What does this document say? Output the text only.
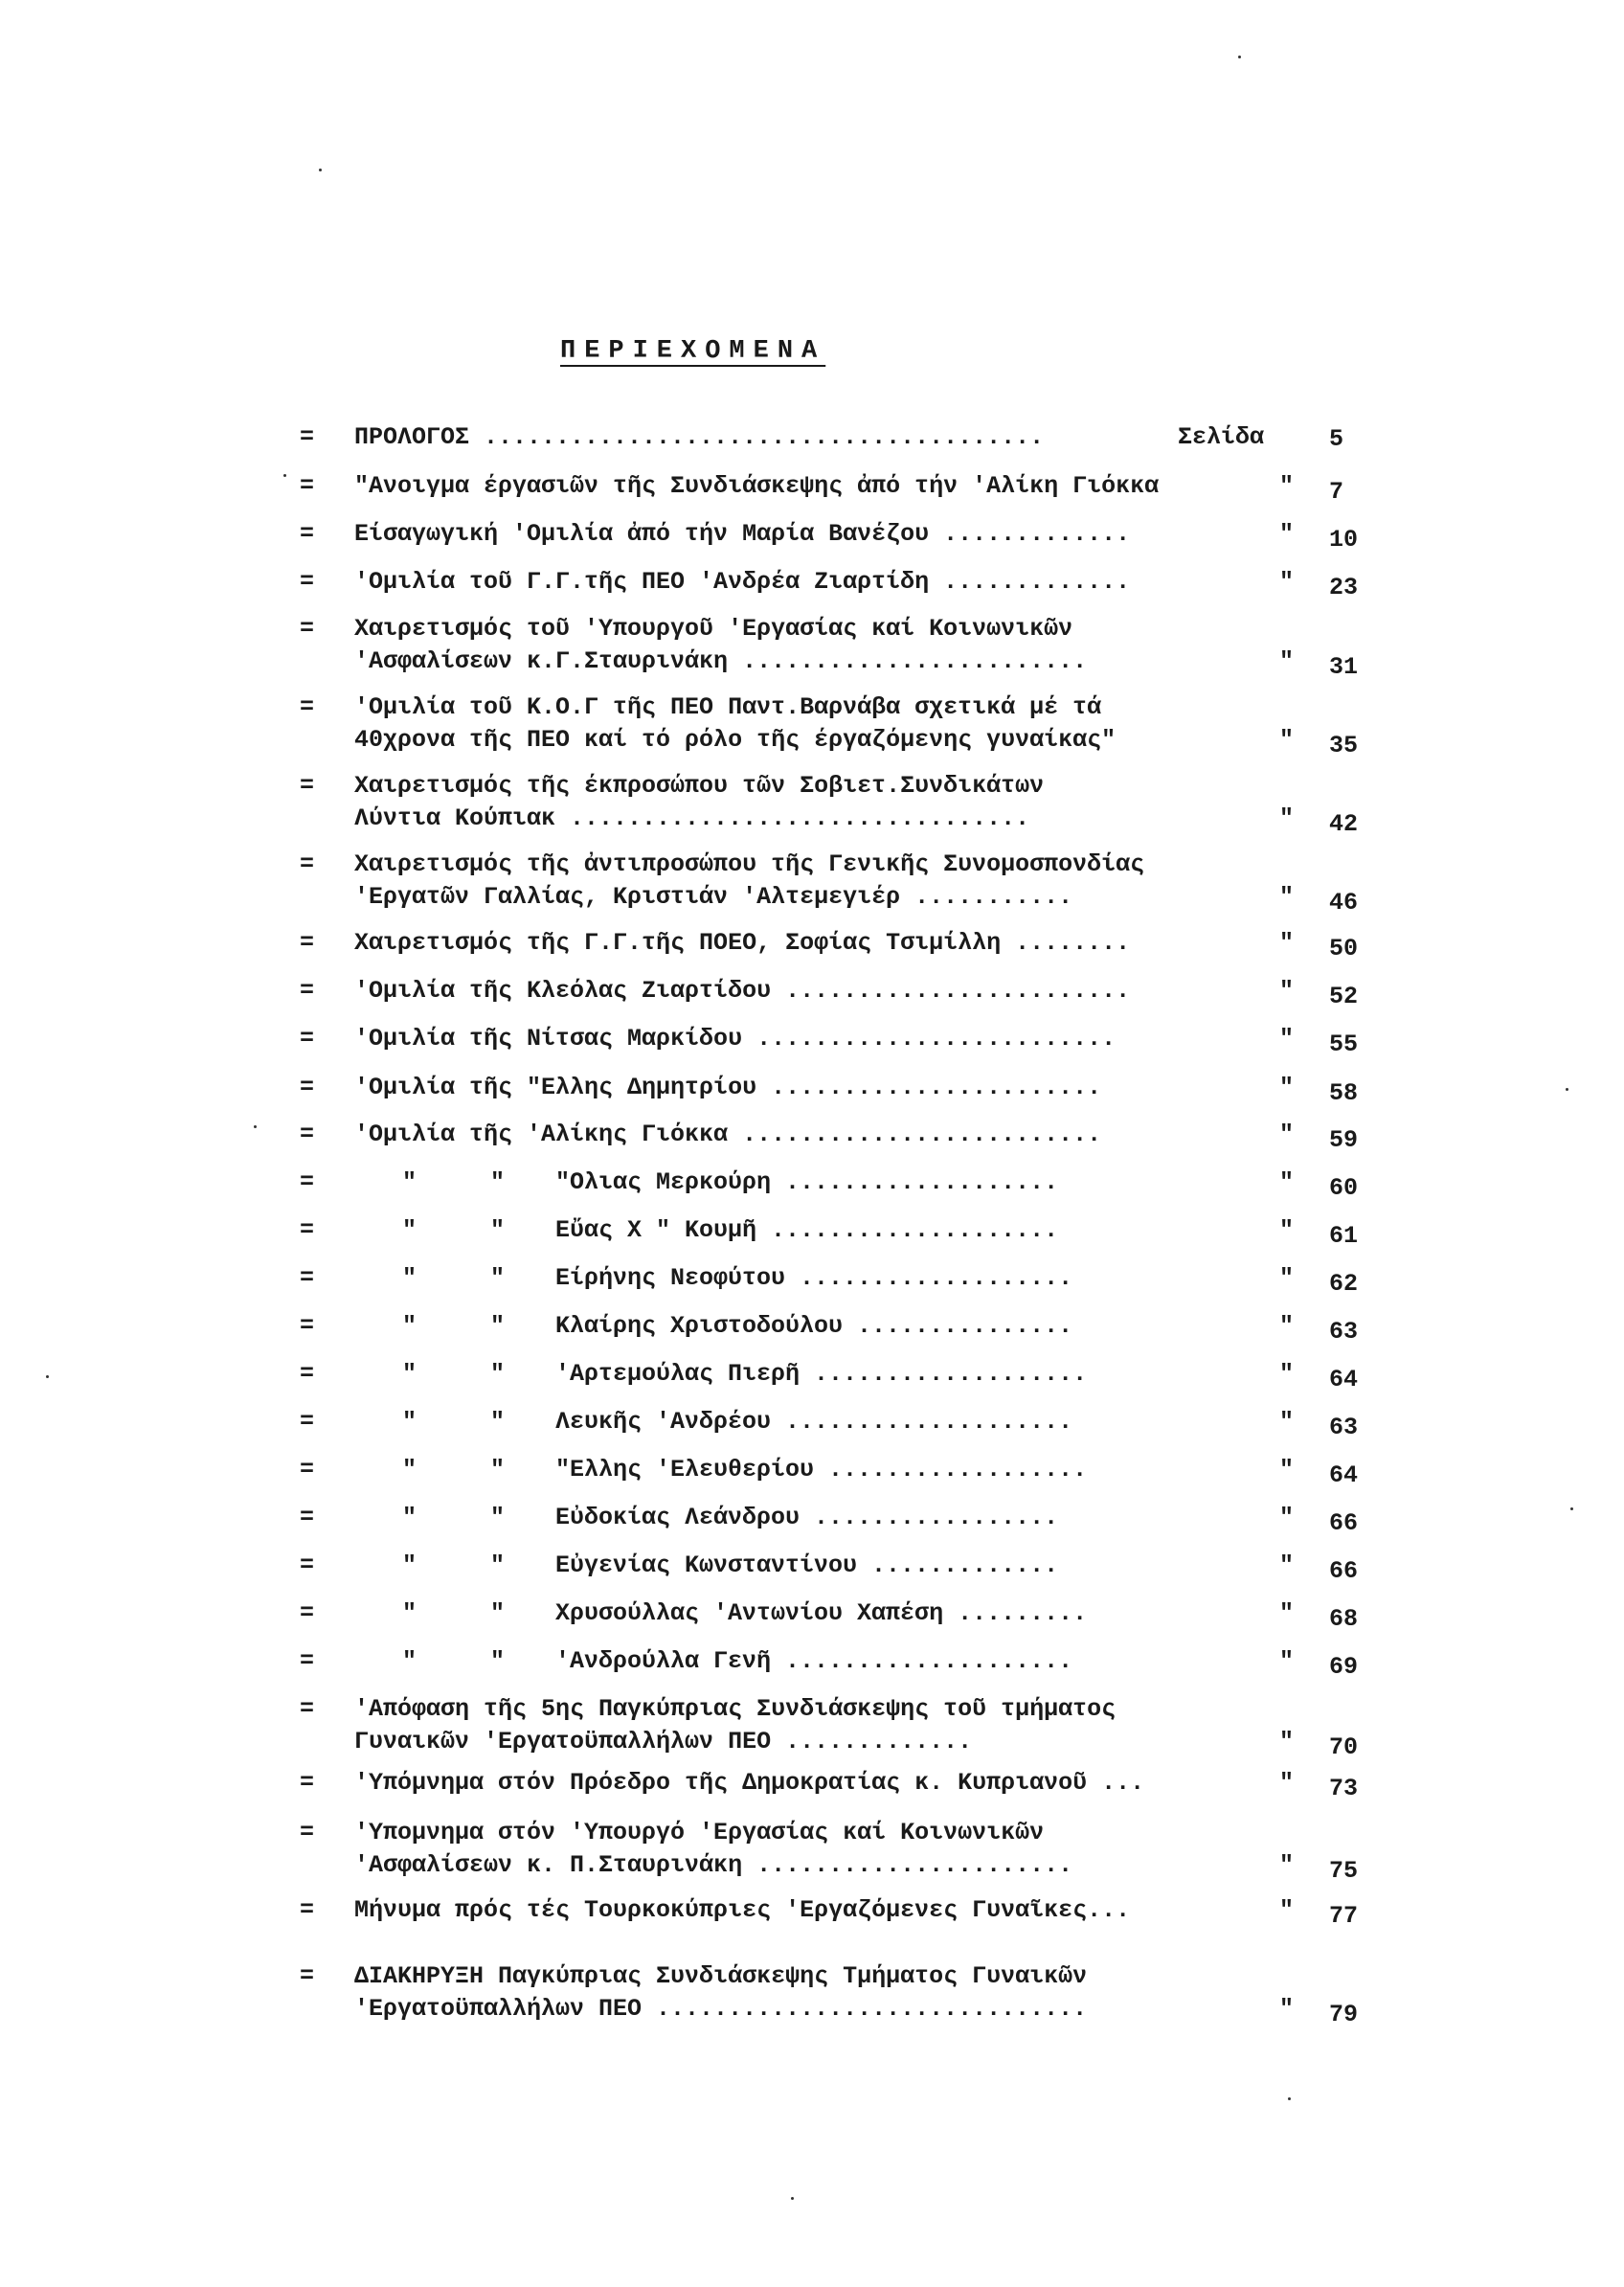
ΠΕΡΙΕΧΟΜΕΝΑ
= ΠΡΟΛΟΓΟΣ .......................................	Σελίδα	5
= "Ανοιγμα έργασιῶν τῆς Συνδιάσκεψης ἀπό τήν 'Αλίκη Γιόκκα	" 7
= Είσαγωγική 'Ομιλία ἀπό τήν Μαρία Βανέζου .............	" 10
= 'Ομιλία τοῦ Γ.Γ.τῆς ΠΕΟ 'Ανδρέα Ζιαρτίδη .............	" 23
= Χαιρετισμός τοῦ 'Υπουργοῦ 'Εργασίας καί Κοινωνικῶν
'Ασφαλίσεων κ.Γ.Σταυρινάκη ........................	" 31
= 'Ομιλία τοῦ Κ.Ο.Γ τῆς ΠΕΟ Παντ.Βαρνάβα σχετικά μέ τά
40χρονα τῆς ΠΕΟ καί τό ρόλο τῆς έργαζόμενης γυναίκας"	" 35
= Χαιρετισμός τῆς έκπροσώπου τῶν Σοβιετ.Συνδικάτων
Λύντια Κούπιακ ................................	" 42
= Χαιρετισμός τῆς ἀντιπροσώπου τῆς Γενικῆς Συνομοσπονδίας
'Εργατῶν Γαλλίας, Κριστιάν 'Αλτεμεγιέρ ...........	" 46
= Χαιρετισμός τῆς Γ.Γ.τῆς ΠΟΕΟ, Σοφίας Τσιμίλλη ........	" 50
= 'Ομιλία τῆς Κλεόλας Ζιαρτίδου ........................	" 52
= 'Ομιλία τῆς Νίτσας Μαρκίδου .........................	" 55
= 'Ομιλία τῆς "Ελλης Δημητρίου .......................	" 58
= 'Ομιλία τῆς 'Αλίκης Γιόκκα .........................	" 59
=	"	" "Ολιας Μερκούρη ...................	" 60
=	"	" Εὔας Χ " Κουμῆ ....................	" 61
=	"	" Είρήνης Νεοφύτου ...................	" 62
=	"	" Κλαίρης Χριστοδούλου ...............	" 63
=	"	" 'Αρτεμούλας Πιερῆ ...................	" 64
=	"	" Λευκῆς 'Ανδρέου ....................	" 63
=	"	" "Ελλης 'Ελευθερίου ..................	" 64
=	"	" Εὐδοκίας Λεάνδρου .................	" 66
=	"	" Εὐγενίας Κωνσταντίνου .............	" 66
=	"	" Χρυσούλλας 'Αντωνίου Χαπέση .........	" 68
=	"	" 'Ανδρούλλα Γενῆ ....................	" 69
= 'Απόφαση τῆς 5ης Παγκύπριας Συνδιάσκεψης τοῦ τμήματος
Γυναικῶν 'Εργατοϋπαλλήλων ΠΕΟ .............	" 70
= 'Υπόμνημα στόν Πρόεδρο τῆς Δημοκρατίας κ. Κυπριανοῦ ...	" 73
= 'Υπομνημα στόν 'Υπουργό 'Εργασίας καί Κοινωνικῶν
'Ασφαλίσεων κ. Π.Σταυρινάκη ......................	" 75
= Μήνυμα πρός τές Τουρκοκύπριες 'Εργαζόμενες Γυναῖκες...	" 77
= ΔΙΑΚΗΡΥΞΗ Παγκύπριας Συνδιάσκεψης Τμήματος Γυναικῶν
'Εργατοϋπαλλήλων ΠΕΟ ..............................	" 79
